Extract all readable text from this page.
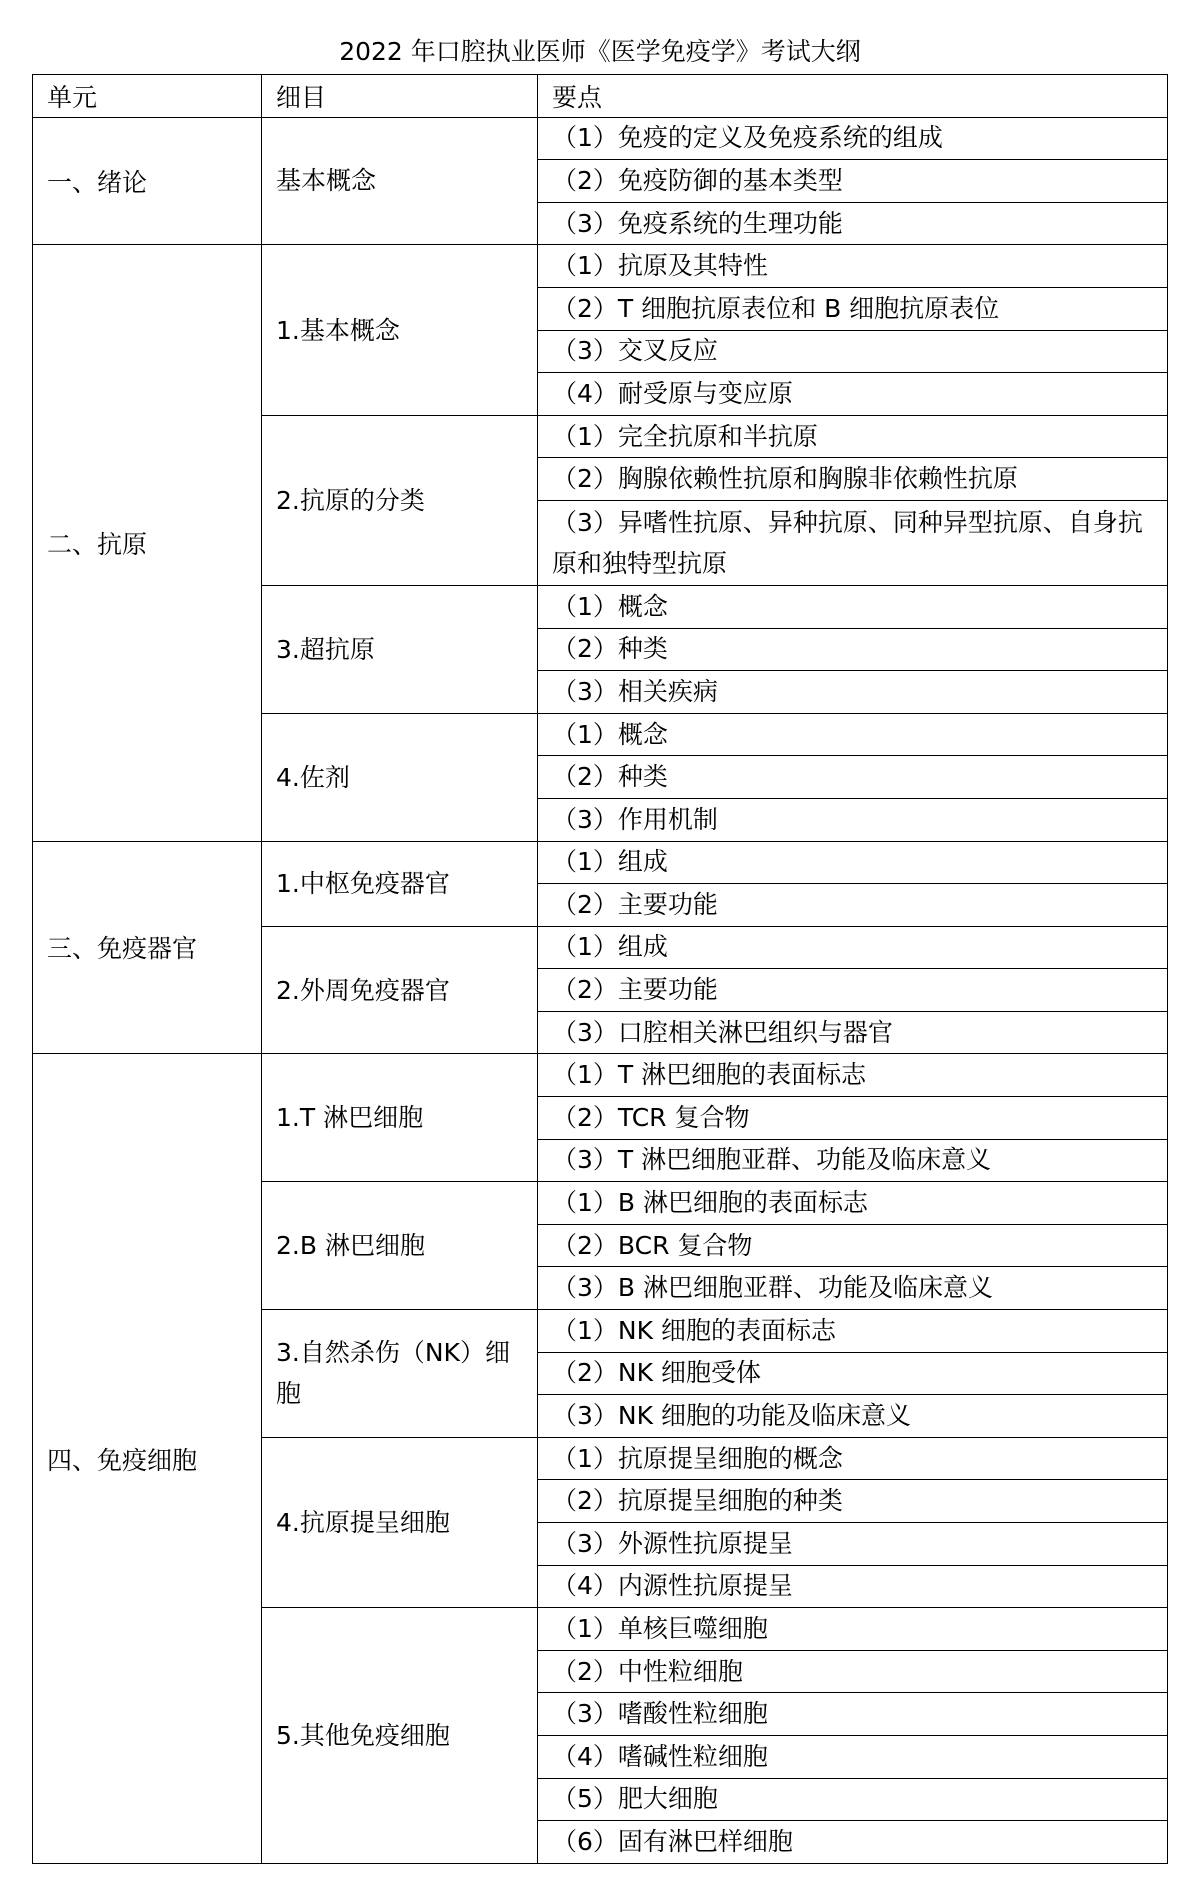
2022 年口腔执业医师《医学免疫学》考试大纲
单元	细目	要点
一、绪论	基本概念	（1）免疫的定义及免疫系统的组成
		（2）免疫防御的基本类型
		（3）免疫系统的生理功能
二、抗原	1.基本概念	（1）抗原及其特性
		（2）T 细胞抗原表位和 B 细胞抗原表位
		（3）交叉反应
		（4）耐受原与变应原
	2.抗原的分类	（1）完全抗原和半抗原
		（2）胸腺依赖性抗原和胸腺非依赖性抗原
		（3）异嗜性抗原、异种抗原、同种异型抗原、自身抗原和独特型抗原
	3.超抗原	（1）概念
		（2）种类
		（3）相关疾病
	4.佐剂	（1）概念
		（2）种类
		（3）作用机制
三、免疫器官	1.中枢免疫器官	（1）组成
		（2）主要功能
	2.外周免疫器官	（1）组成
		（2）主要功能
		（3）口腔相关淋巴组织与器官
四、免疫细胞	1.T 淋巴细胞	（1）T 淋巴细胞的表面标志
		（2）TCR 复合物
		（3）T 淋巴细胞亚群、功能及临床意义
	2.B 淋巴细胞	（1）B 淋巴细胞的表面标志
		（2）BCR 复合物
		（3）B 淋巴细胞亚群、功能及临床意义
	3.自然杀伤（NK）细胞	（1）NK 细胞的表面标志
		（2）NK 细胞受体
		（3）NK 细胞的功能及临床意义
	4.抗原提呈细胞	（1）抗原提呈细胞的概念
		（2）抗原提呈细胞的种类
		（3）外源性抗原提呈
		（4）内源性抗原提呈
	5.其他免疫细胞	（1）单核巨噬细胞
		（2）中性粒细胞
		（3）嗜酸性粒细胞
		（4）嗜碱性粒细胞
		（5）肥大细胞
		（6）固有淋巴样细胞
